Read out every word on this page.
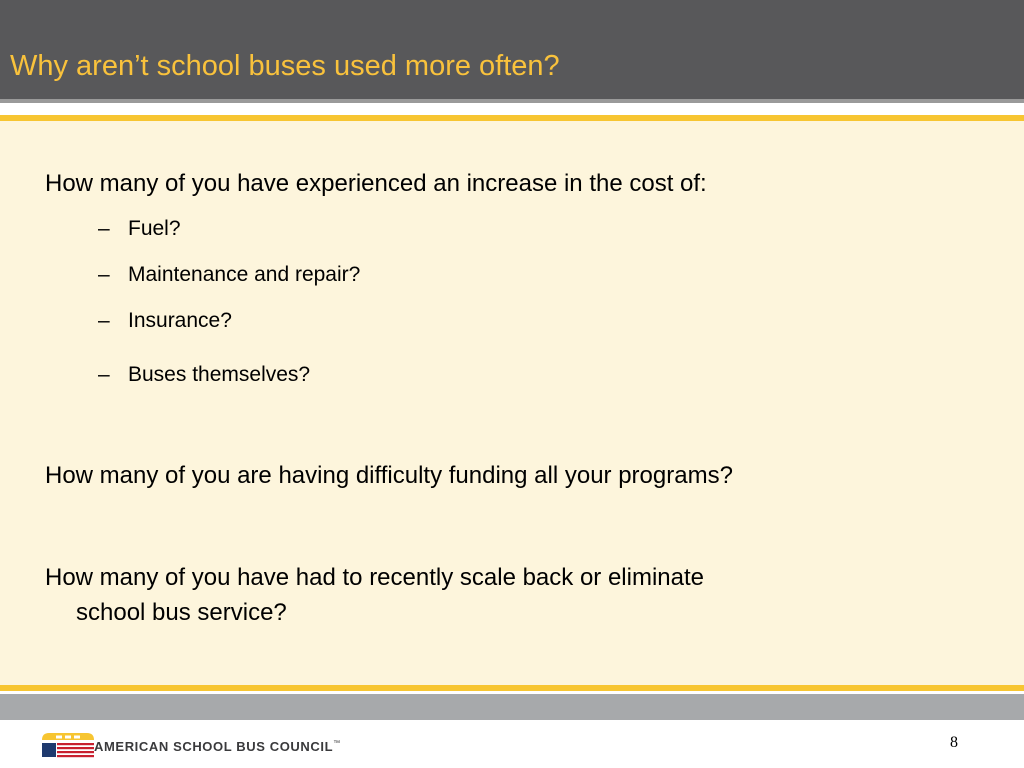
Why aren’t school buses used more often?
How many of you have experienced an increase in the cost of:
– Fuel?
– Maintenance and repair?
– Insurance?
– Buses themselves?
How many of you are having difficulty funding all your programs?
How many of you have had to recently scale back or eliminate
school bus service?
AMERICAN SCHOOL BUS COUNCIL™	8
